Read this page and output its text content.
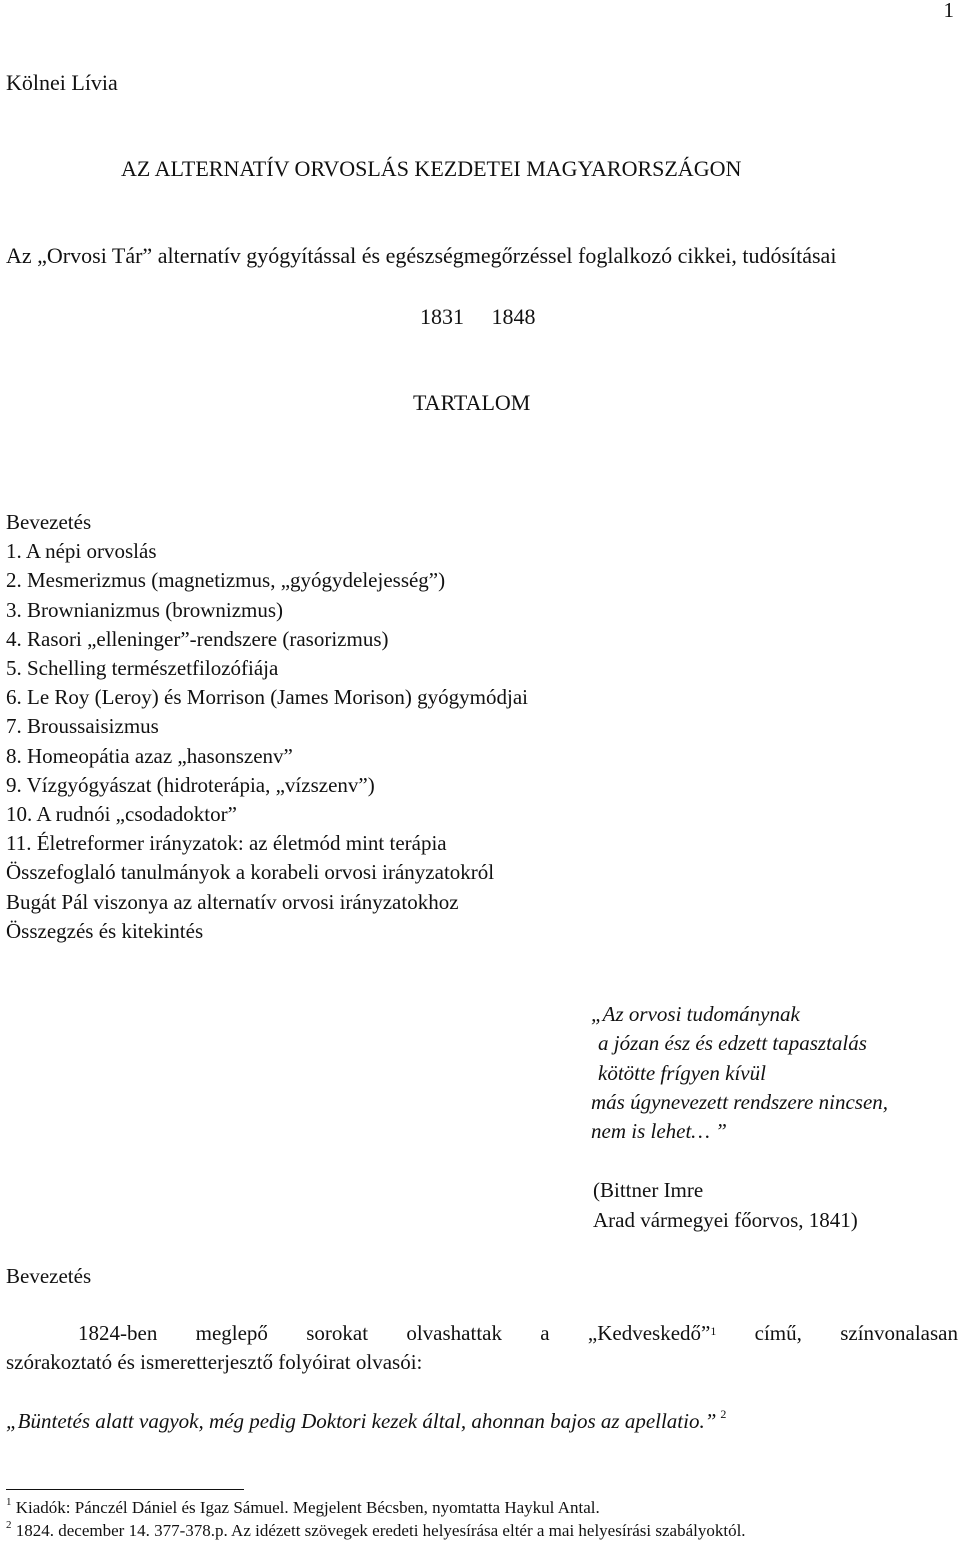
1
Kölnei Lívia
AZ ALTERNATÍV ORVOSLÁS KEZDETEI MAGYARORSZÁGON
Az „Orvosi Tár” alternatív gyógyítással és egészségmegőrzéssel foglalkozó cikkei, tudósításai
1831 1848
TARTALOM
Bevezetés
1. A népi orvoslás
2. Mesmerizmus (magnetizmus, „gyógydelejesség”)
3. Brownianizmus (brownizmus)
4. Rasori „elleninger”-rendszere (rasorizmus)
5. Schelling természetfilozófiája
6. Le Roy (Leroy) és Morrison (James Morison) gyógymódjai
7. Broussaisizmus
8. Homeopátia azaz „hasonszenv”
9. Vízgyógyászat (hidroterápia, „vízszenv”)
10. A rudnói „csodadoktor”
11. Életreformer irányzatok: az életmód mint terápia
Összefoglaló tanulmányok a korabeli orvosi irányzatokról
Bugát Pál viszonya az alternatív orvosi irányzatokhoz
Összegzés és kitekintés
„Az orvosi tudománynak
a józan ész és edzett tapasztalás
kötötte frígyen kívül
más úgynevezett rendszere nincsen,
nem is lehet… ”
(Bittner Imre
Arad vármegyei főorvos, 1841)
Bevezetés
1824-ben meglepő sorokat olvashattak a „Kedveskedő”$^1$ című, színvonalasan
szórakoztató és ismeretterjesztő folyóirat olvasói:
„Büntetés alatt vagyok, még pedig Doktori kezek által, ahonnan bajos az apellatio.” $^2$
$^1$ Kiadók: Pánczél Dániel és Igaz Sámuel. Megjelent Bécsben, nyomtatta Haykul Antal.
$^2$ 1824. december 14. 377-378.p. Az idézett szövegek eredeti helyesírása eltér a mai helyesírási szabályoktól.
